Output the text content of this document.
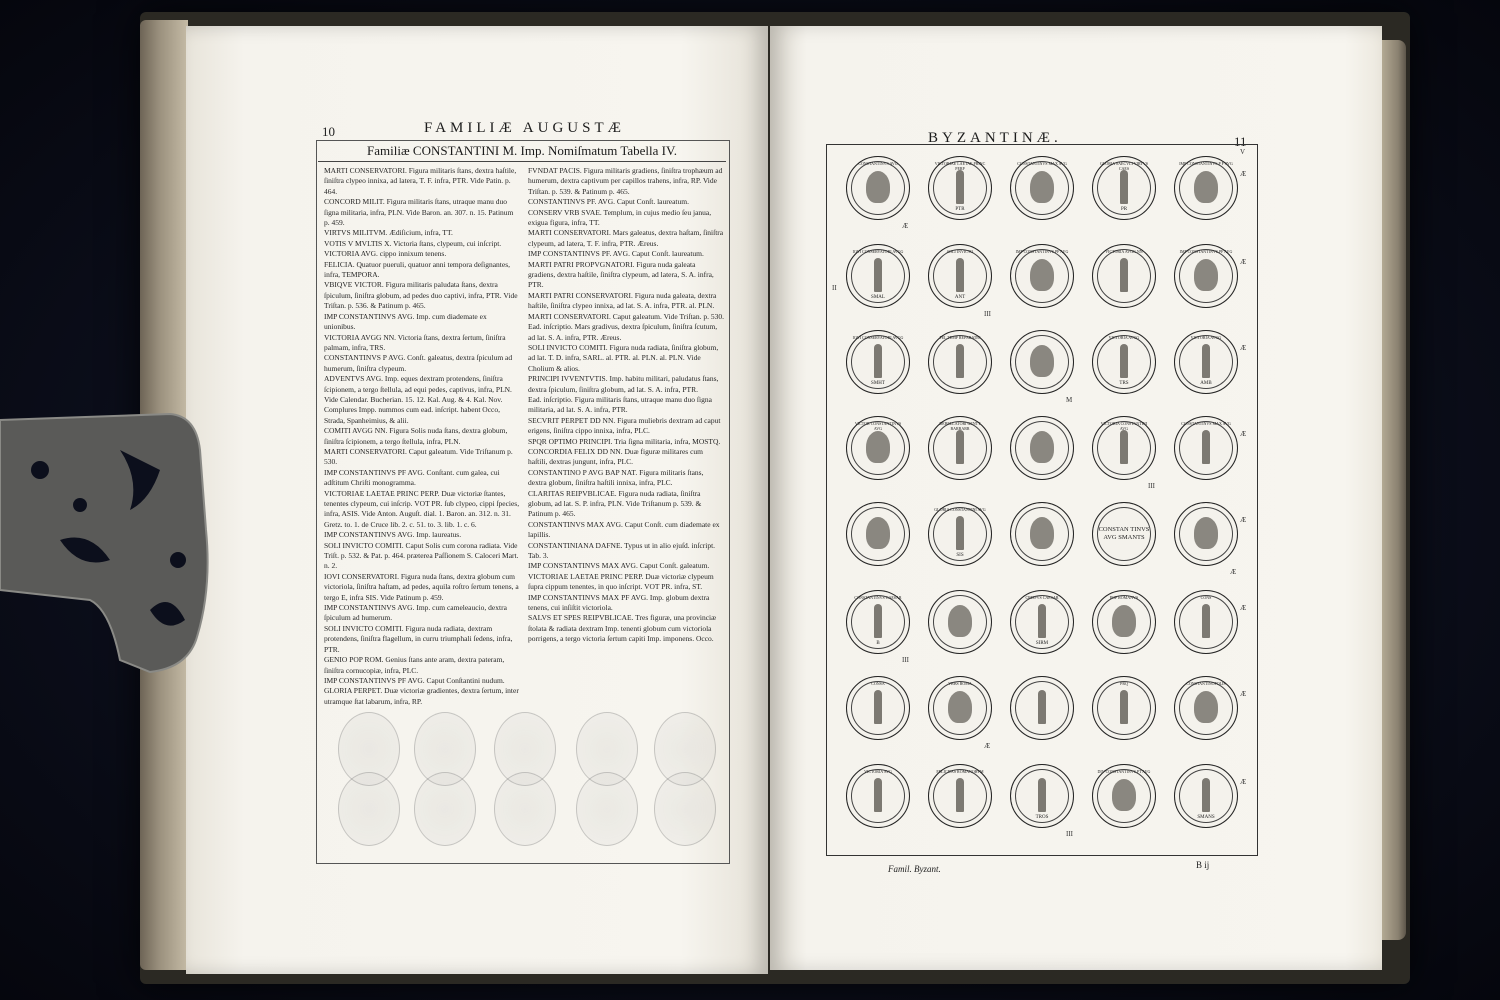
10	FAMILIÆ AUGUSTÆ
Familiæ CONSTANTINI M. Imp. Nomiſmatum Tabella IV.
MARTI CONSERVATORI. Figura militaris ſtans, dextra haſtile, ſiniſtra clypeo innixa, ad latera, T. F. infra, PTR. Vide Patin. p. 464.
CONCORD MILIT. Figura militaris ſtans, utraque manu duo ſigna militaria, infra, PLN. Vide Baron. an. 307. n. 15. Patinum p. 459.
VIRTVS MILITVM. Ædiſicium, infra, TT.
VOTIS V MVLTIS X. Victoria ſtans, clypeum, cui inſcript. VICTORIA AVG. cippo innixum tenens.
FELICIA. Quatuor pueruli, quatuor anni tempora deſignantes, infra, TEMPORA.
VBIQVE VICTOR. Figura militaris paludata ſtans, dextra ſpiculum, ſiniſtra globum, ad pedes duo captivi, infra, PTR. Vide Triſtan. p. 536. & Patinum p. 465.
IMP CONSTANTINVS AVG. Imp. cum diademate ex unionibus.
VICTORIA AVGG NN. Victoria ſtans, dextra ſertum, ſiniſtra palmam, infra, TRS.
CONSTANTINVS P AVG. Conſt. galeatus, dextra ſpiculum ad humerum, ſiniſtra clypeum.
ADVENTVS AVG. Imp. eques dextram protendens, ſiniſtra ſcipionem, a tergo ſtellula, ad equi pedes, captivus, infra, PLN. Vide Calendar. Bucherian. 15. 12. Kal. Aug. & 4. Kal. Nov. Complures Impp. nummos cum ead. inſcript. habent Occo, Strada, Spanheimius, & alii.
COMITI AVGG NN. Figura Solis nuda ſtans, dextra globum, ſiniſtra ſcipionem, a tergo ſtellula, infra, PLN.
MARTI CONSERVATORI. Caput galeatum. Vide Triſtanum p. 530.
IMP CONSTANTINVS PF AVG. Conſtant. cum galea, cui adſtitum Chriſti monogramma.
VICTORIAE LAETAE PRINC PERP. Duæ victoriæ ſtantes, tenentes clypeum, cui inſcrip. VOT PR. ſub clypeo, cippi ſpecies, infra, ASIS. Vide Anton. Auguſt. dial. 1. Baron. an. 312. n. 31. Gretz. to. 1. de Cruce lib. 2. c. 51. to. 3. lib. 1. c. 6.
IMP CONSTANTINVS AVG. Imp. laureatus.
SOLI INVICTO COMITI. Caput Solis cum corona radiata. Vide Triſt. p. 532. & Pat. p. 464. præterea Paſſionem S. Caloceri Mart. n. 2.
IOVI CONSERVATORI. Figura nuda ſtans, dextra globum cum victoriola, ſiniſtra haſtam, ad pedes, aquila roſtro ſertum tenens, a tergo E, infra SIS. Vide Patinum p. 459.
IMP CONSTANTINVS AVG. Imp. cum cameleaucio, dextra ſpiculum ad humerum.
SOLI INVICTO COMITI. Figura nuda radiata, dextram protendens, ſiniſtra flagellum, in curru triumphali ſedens, infra, PTR.
GENIO POP ROM. Genius ſtans ante aram, dextra pateram, ſiniſtra cornucopiæ, infra, PLC.
IMP CONSTANTINVS PF AVG. Caput Conſtantini nudum.
GLORIA PERPET. Duæ victoriæ gradientes, dextra ſertum, inter utramque ſtat labarum, infra, RP.
FVNDAT PACIS. Figura militaris gradiens, ſiniſtra trophæum ad humerum, dextra captivum per capillos trahens, infra, RP. Vide Triſtan. p. 539. & Patinum p. 465.
CONSTANTINVS PF. AVG. Caput Conſt. laureatum.
CONSERV VRB SVAE. Templum, in cujus medio ſeu janua, exigua figura, infra, TT.
MARTI CONSERVATORI. Mars galeatus, dextra haſtam, ſiniſtra clypeum, ad latera, T. F. infra, PTR. Æreus.
IMP CONSTANTINVS PF. AVG. Caput Conſt. laureatum.
MARTI PATRI PROPVGNATORI. Figura nuda galeata gradiens, dextra haſtile, ſiniſtra clypeum, ad latera, S. A. infra, PTR.
MARTI PATRI CONSERVATORI. Figura nuda galeata, dextra haſtile, ſiniſtra clypeo innixa, ad lat. S. A. infra, PTR. al. PLN.
MARTI CONSERVATORI. Caput galeatum. Vide Triſtan. p. 530.
Ead. inſcriptio. Mars gradivus, dextra ſpiculum, ſiniſtra ſcutum, ad lat. S. A. infra, PTR. Æreus.
SOLI INVICTO COMITI. Figura nuda radiata, ſiniſtra globum, ad lat. T. D. infra, SARL. al. PTR. al. PLN. al. PLN. Vide Cholium & alios.
PRINCIPI IVVENTVTIS. Imp. habitu militari, paludatus ſtans, dextra ſpiculum, ſiniſtra globum, ad lat. S. A. infra, PTR.
Ead. inſcriptio. Figura militaris ſtans, utraque manu duo ſigna militaria, ad lat. S. A. infra, PTR.
SECVRIT PERPET DD NN. Figura muliebris dextram ad caput erigens, ſiniſtra cippo innixa, infra, PLC.
SPQR OPTIMO PRINCIPI. Tria ſigna militaria, infra, MOSTQ.
CONCORDIA FELIX DD NN. Duæ figuræ militares cum haſtili, dextras jungunt, infra, PLC.
CONSTANTINO P AVG BAP NAT. Figura militaris ſtans, dextra globum, ſiniſtra haſtili innixa, infra, PLC.
CLARITAS REIPVBLICAE. Figura nuda radiata, ſiniſtra globum, ad lat. S. P. infra, PLN. Vide Triſtanum p. 539. & Patinum p. 465.
CONSTANTINVS MAX AVG. Caput Conſt. cum diademate ex lapillis.
CONSTANTINIANA DAFNE. Typus ut in alio ejuſd. inſcript. Tab. 3.
IMP CONSTANTINVS MAX AVG. Caput Conſt. galeatum.
VICTORIAE LAETAE PRINC PERP. Duæ victoriæ clypeum ſupra cippum tenentes, in quo inſcript. VOT PR. infra, ST.
IMP CONSTANTINVS MAX PF AVG. Imp. globum dextra tenens, cui inſiſtit victoriola.
SALVS ET SPES REIPVBLICAE. Tres figuræ, una provinciæ ſtolata & radiata dextram Imp. tenenti globum cum victoriola porrigens, a tergo victoria ſertum capiti Imp. imponens. Occo.
BYZANTINÆ.	11
V
CONSTANTINVS AVG	VICTORIAE LAETAE PRINC PERP
PTR
CONSTANTINVS MAX AVG	GLORIA SAECVLI VIRTVS CAES
PR
IMP CONSTANTINVS P F AVG
IOVI CONSERVATORI AVGG
SMAL
SOLI INVICTO
ANT
IMP CONSTANTINVS PF AVG	VICTORIA AVGG NN	IMP CONSTANTINVS PF AVG
IOVI CONSERVATORI AVGG
SMHT
FEL TEMP REPARATIO	VICTORIA AVGG
TRS
VICTORIA AVGG
AMB
VICTOR CONSTANTINVS AVG
DEBELLATORI GENTT BARBARR
VICTORIA CONSTANTINI AVG
CONSTANTINVS MAX AVG
GLORIA CONSTANTINI AVG
SIS
CONSTAN TINVS AVG SMANTS
CONSTANTINVS CAESAR
B
CRISPVS CAESAR
SIRM
POP ROMANVS	CONS
CONSA	VRBS ROMA	PRQ	CONSTANTINOPOLIS
VICTORIA AVG	FELICITAS ROMANORVM
TROS
DIV CONSTANTINVS PT AVG
SMANS
II
Æ
Æ
Æ
Æ
Æ
Æ
Æ
Æ
Æ
III
M
III
Æ
III
Æ
III
Famil. Byzant.	B ij
